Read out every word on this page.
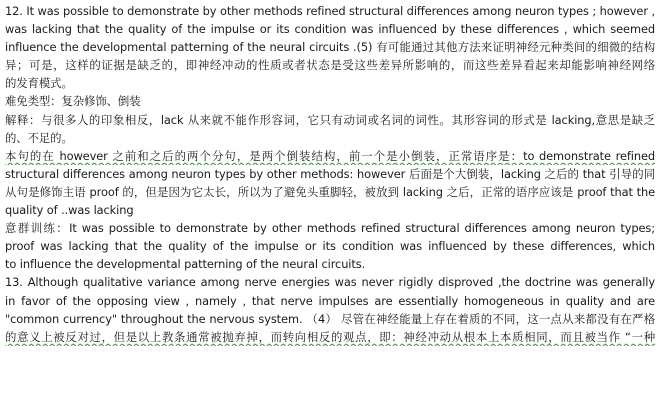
12. It was possible to demonstrate by other methods refined structural differences among neuron types ; however ,
was lacking that the quality of the impulse or its condition was influenced by these differences , which seemed
influence the developmental patterning of the neural circuits .(5) 有可能通过其他方法来证明神经元种类间的细微的结构
异；可是，这样的证据是缺乏的，即神经冲动的性质或者状态是受这些差异所影响的，而这些差异看起来却能影响神经网络
的发育模式。
难免类型：复杂修饰、倒装
解释：与很多人的印象相反，lack 从来就不能作形容词，它只有动词或名词的词性。其形容词的形式是 lacking,意思是缺乏
的、不足的。
本句的在 however 之前和之后的两个分句，是两个倒装结构，前一个是小倒装，正常语序是：to demonstrate refined
structural differences among neuron types by other methods: however 后面是个大倒装，lacking 之后的 that 引导的同
从句是修饰主语 proof 的，但是因为它太长，所以为了避免头重脚轻，被放到 lacking 之后，正常的语序应该是 proof that the
quality of ..was lacking
意群训练：It was possible to demonstrate by other methods refined structural differences among neuron types;
proof was lacking that the quality of the impulse or its condition was influenced by these differences, which
to influence the developmental patterning of the neural circuits.
13. Although qualitative variance among nerve energies was never rigidly disproved ,the doctrine was generally
in favor of the opposing view , namely , that nerve impulses are essentially homogeneous in quality and are
"common currency" throughout the nervous system. （4） 尽管在神经能量上存在着质的不同，这一点从来都没有在严格
的意义上被反对过，但是以上教条通常被抛弃掉，而转向相反的观点，即：神经冲动从根本上本质相同，而且被当作 “一种
